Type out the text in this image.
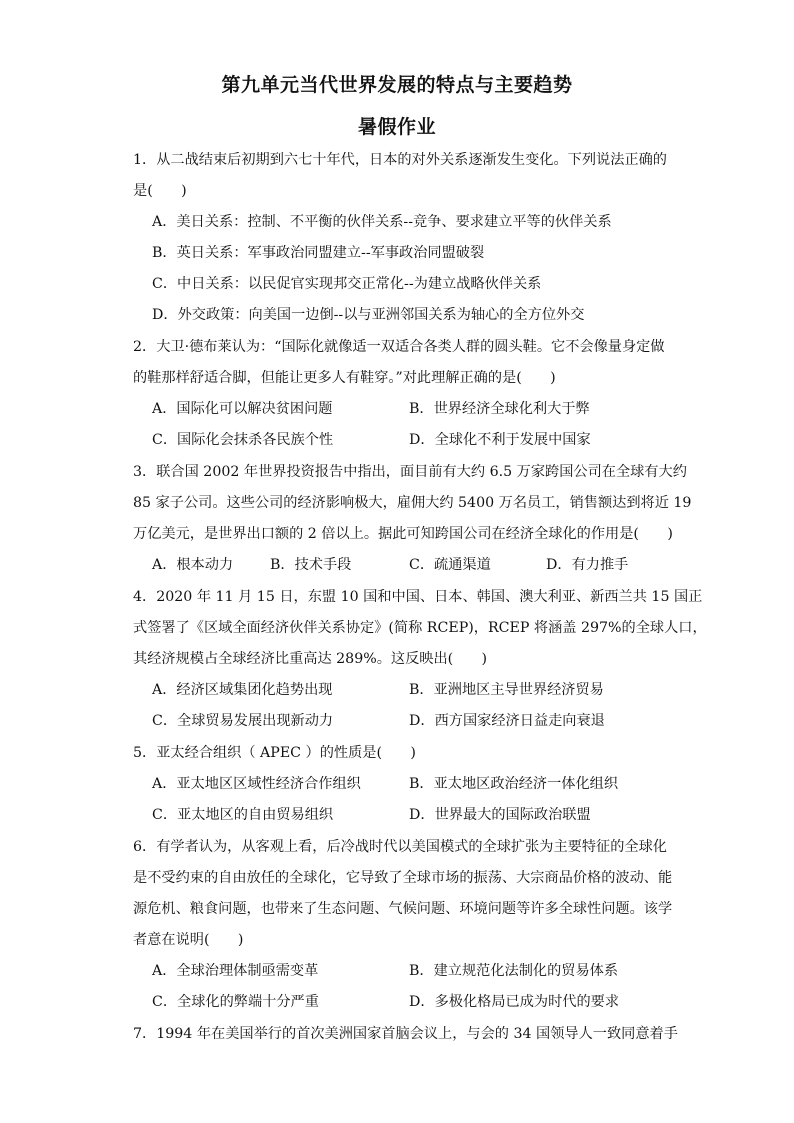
第九单元当代世界发展的特点与主要趋势
暑假作业
1．从二战结束后初期到六七十年代，日本的对外关系逐渐发生变化。下列说法正确的
是(　　)
A．美日关系：控制、不平衡的伙伴关系--竞争、要求建立平等的伙伴关系
B．英日关系：军事政治同盟建立--军事政治同盟破裂
C．中日关系：以民促官实现邦交正常化--为建立战略伙伴关系
D．外交政策：向美国一边倒--以与亚洲邻国关系为轴心的全方位外交
2．大卫·德布莱认为：“国际化就像适一双适合各类人群的圆头鞋。它不会像量身定做
的鞋那样舒适合脚，但能让更多人有鞋穿。”对此理解正确的是(　　)
A．国际化可以解决贫困问题	B．世界经济全球化利大于弊
C．国际化会抹杀各民族个性	D．全球化不利于发展中国家
3．联合国 2002 年世界投资报告中指出，面目前有大约 6.5 万家跨国公司在全球有大约
85 家子公司。这些公司的经济影响极大，雇佣大约 5400 万名员工，销售额达到将近 19
万亿美元，是世界出口额的 2 倍以上。据此可知跨国公司在经济全球化的作用是(　　)
A．根本动力	B．技术手段	C．疏通渠道	D．有力推手
4．2020 年 11 月 15 日，东盟 10 国和中国、日本、韩国、澳大利亚、新西兰共 15 国正
式签署了《区域全面经济伙伴关系协定》(简称 RCEP)，RCEP 将涵盖 297%的全球人口，
其经济规模占全球经济比重高达 289%。这反映出(　　)
A．经济区域集团化趋势出现	B．亚洲地区主导世界经济贸易
C．全球贸易发展出现新动力	D．西方国家经济日益走向衰退
5．亚太经合组织（ APEC ）的性质是(　　)
A．亚太地区区域性经济合作组织	B．亚太地区政治经济一体化组织
C．亚太地区的自由贸易组织	D．世界最大的国际政治联盟
6．有学者认为，从客观上看，后冷战时代以美国模式的全球扩张为主要特征的全球化
是不受约束的自由放任的全球化，它导致了全球市场的振荡、大宗商品价格的波动、能
源危机、粮食问题，也带来了生态问题、气候问题、环境问题等许多全球性问题。该学
者意在说明(　　)
A．全球治理体制亟需变革	B．建立规范化法制化的贸易体系
C．全球化的弊端十分严重	D．多极化格局已成为时代的要求
7．1994 年在美国举行的首次美洲国家首脑会议上，与会的 34 国领导人一致同意着手
